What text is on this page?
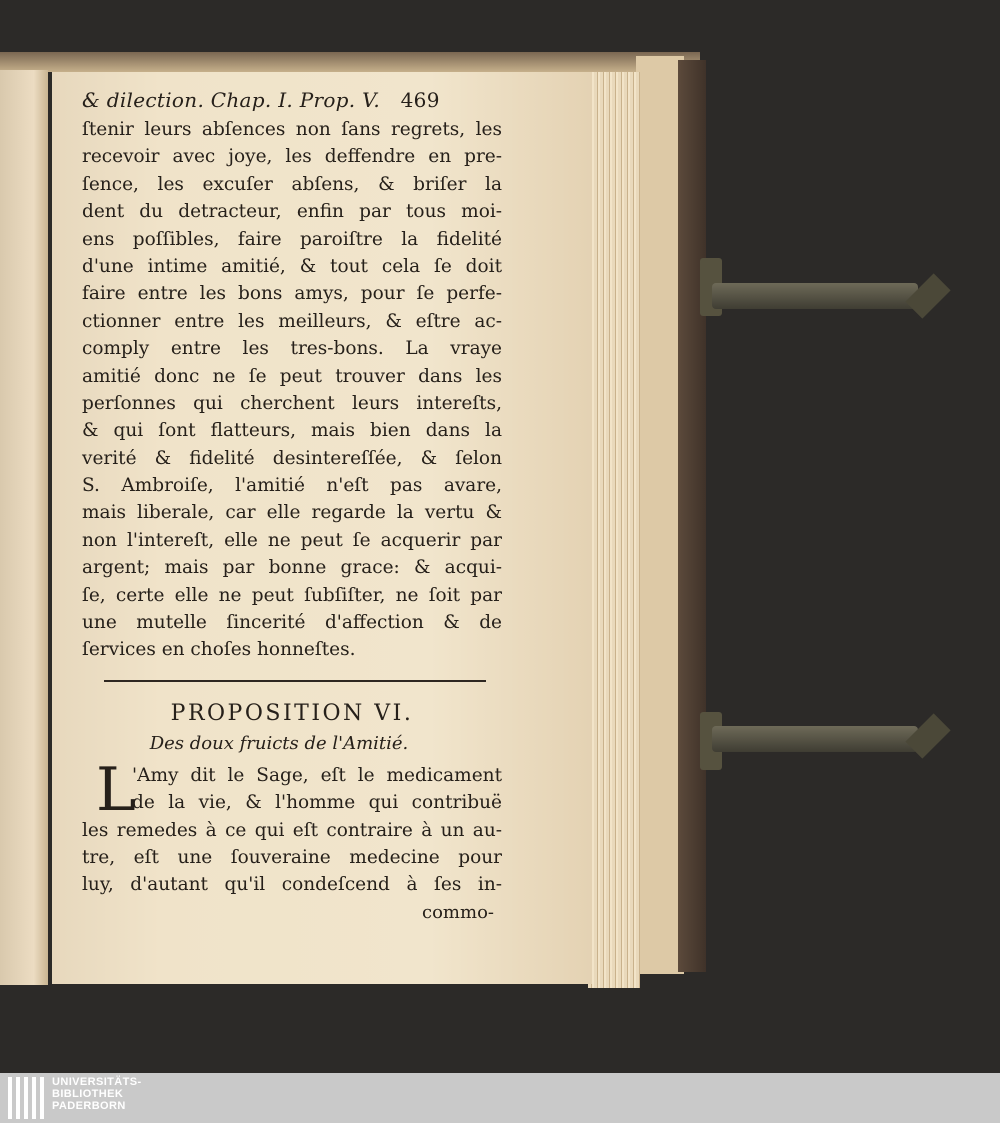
& dilection. Chap. I. Prop. V. 469
ſtenir leurs abſences non ſans regrets, les
recevoir avec joye, les deffendre en pre-
ſence, les excuſer abſens, & briſer la
dent du detracteur, enfin par tous moi-
ens poſſibles, faire paroiſtre la fidelité
d'une intime amitié, & tout cela ſe doit
faire entre les bons amys, pour ſe perfe-
ctionner entre les meilleurs, & eſtre ac-
comply entre les tres-bons. La vraye
amitié donc ne ſe peut trouver dans les
perſonnes qui cherchent leurs intereſts,
& qui ſont flatteurs, mais bien dans la
verité & fidelité desintereſſée, & ſelon
S. Ambroiſe, l'amitié n'eſt pas avare,
mais liberale, car elle regarde la vertu &
non l'intereſt, elle ne peut ſe acquerir par
argent; mais par bonne grace: & acqui-
ſe, certe elle ne peut ſubſiſter, ne ſoit par
une mutelle ſincerité d'affection & de
ſervices en choſes honneſtes.
PROPOSITION VI.
Des doux fruicts de l'Amitié.
L
'Amy dit le Sage, eſt le medicament
de la vie, & l'homme qui contribuë
les remedes à ce qui eſt contraire à un au-
tre, eſt une ſouveraine medecine pour
luy, d'autant qu'il condeſcend à ſes in-
commo-
UNIVERSITÄTS-
BIBLIOTHEK
PADERBORN
